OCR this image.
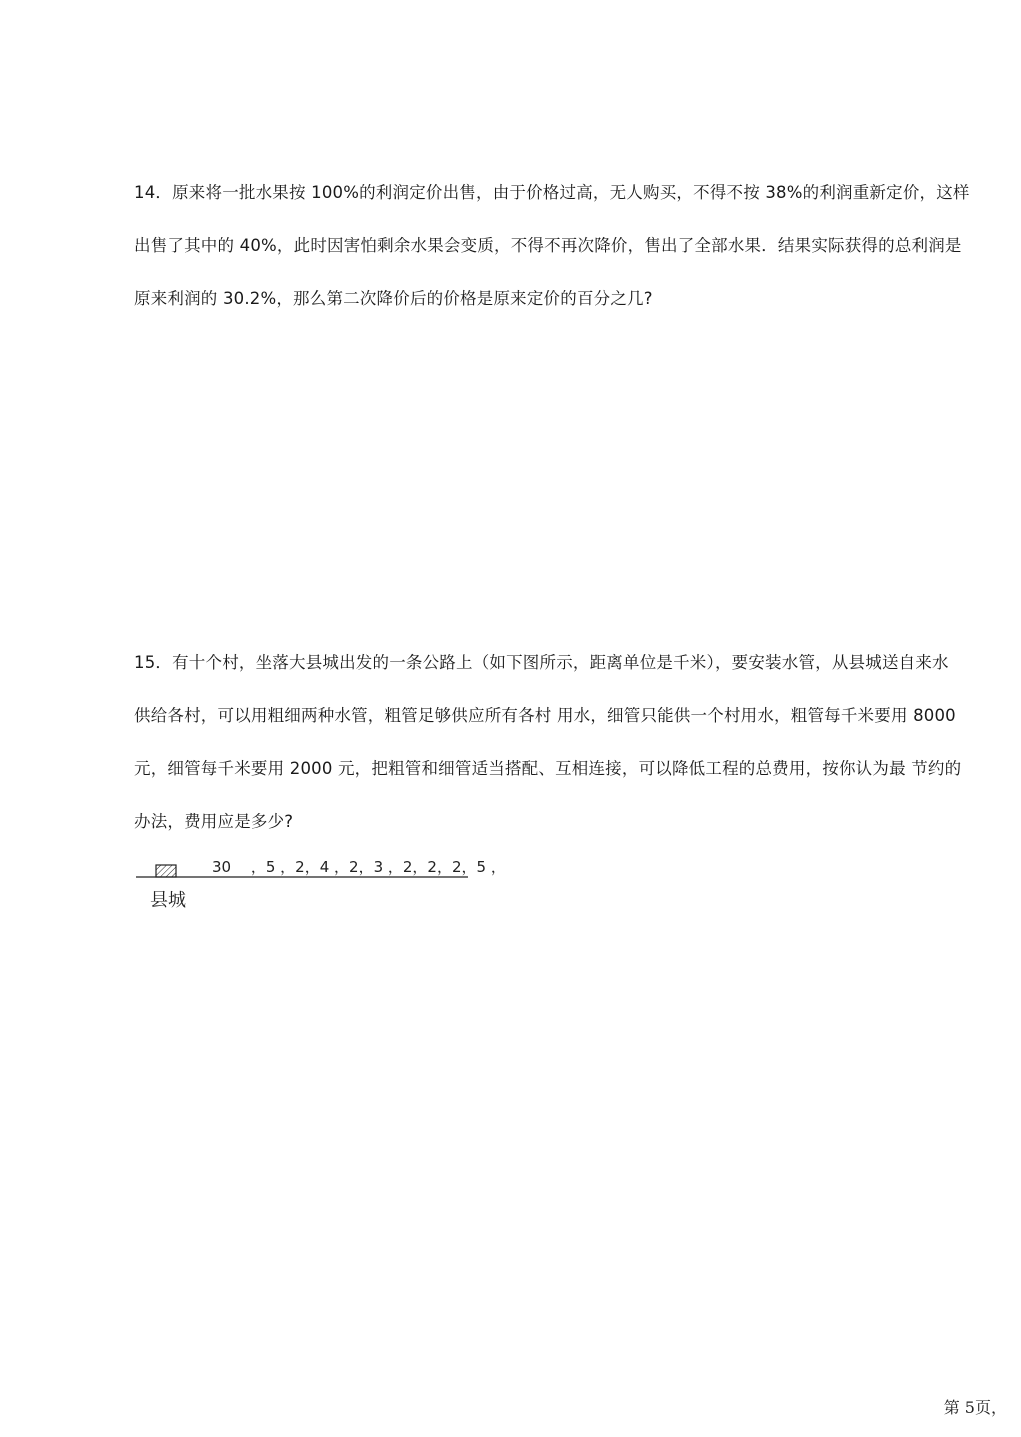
14．原来将一批水果按 100%的利润定价出售，由于价格过高，无人购买，不得不按 38%的利润重新定价，这样
出售了其中的 40%，此时因害怕剩余水果会变质，不得不再次降价，售出了全部水果．结果实际获得的总利润是
原来利润的 30.2%，那么第二次降价后的价格是原来定价的百分之几?
15．有十个村，坐落大县城出发的一条公路上（如下图所示，距离单位是千米），要安装水管，从县城送自来水
供给各村，可以用粗细两种水管，粗管足够供应所有各村 用水，细管只能供一个村用水，粗管每千米要用 8000
元，细管每千米要用 2000 元，把粗管和细管适当搭配、互相连接，可以降低工程的总费用，按你认为最 节约的
办法，费用应是多少?
30　 ，5 ，2，4 ，2，3 ，2，2，2，5 ，
县城
第 5页，
